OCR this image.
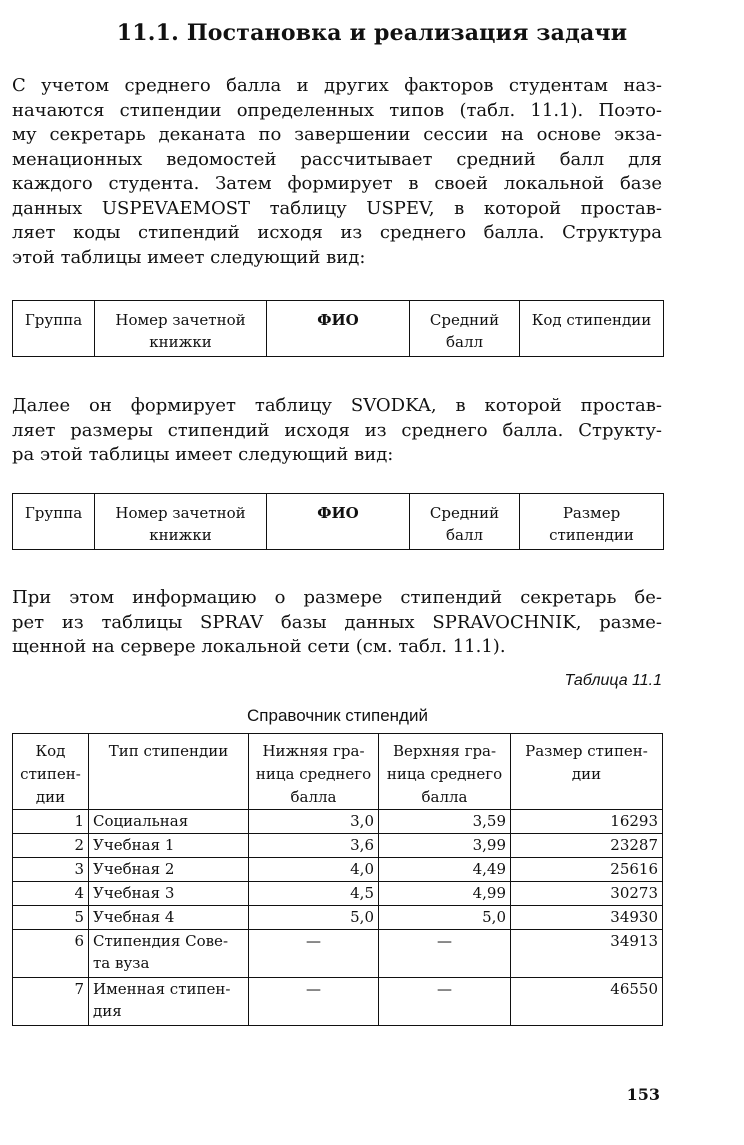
11.1. Постановка и реализация задачи

С учетом среднего балла и других факторов студентам наз-
начаются стипендии определенных типов (табл. 11.1). Поэто-
му секретарь деканата по завершении сессии на основе экза-
менационных ведомостей рассчитывает средний балл для
каждого студента. Затем формирует в своей локальной базе
данных USPEVAEMOST таблицу USPEV, в которой простав-
ляет коды стипендий исходя из среднего балла. Структура
этой таблицы имеет следующий вид:

Группа	Номер зачетной книжки	ФИО	Средний балл	Код стипендии

Далее он формирует таблицу SVODKA, в которой простав-
ляет размеры стипендий исходя из среднего балла. Структу-
ра этой таблицы имеет следующий вид:

Группа	Номер зачетной книжки	ФИО	Средний балл	Размер стипендии

При этом информацию о размере стипендий секретарь бе-
рет из таблицы SPRAV базы данных SPRAVOCHNIK, разме-
щенной на сервере локальной сети (см. табл. 11.1).

Таблица 11.1
Справочник стипендий
Код стипен-дии	Тип стипендии	Нижняя гра-ница среднего балла	Верхняя гра-ница среднего балла	Размер стипен-дии
1	Социальная	3,0	3,59	16293
2	Учебная 1	3,6	3,99	23287
3	Учебная 2	4,0	4,49	25616
4	Учебная 3	4,5	4,99	30273
5	Учебная 4	5,0	5,0	34930
6	Стипендия Сове-та вуза	—	—	34913
7	Именная стипен-дия	—	—	46550
153
